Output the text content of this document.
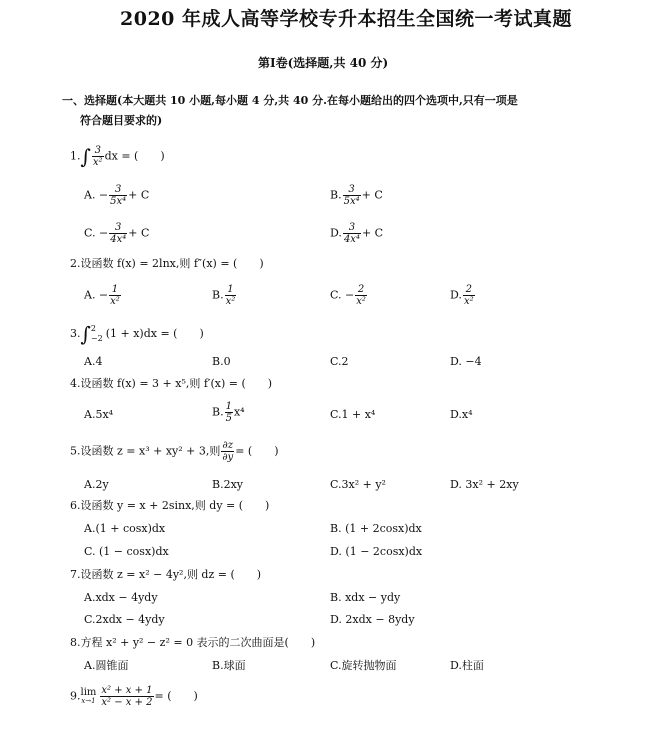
2020 年成人高等学校专升本招生全国统一考试真题
第Ⅰ卷(选择题,共 40 分)
一、选择题(本大题共 10 小题,每小题 4 分,共 40 分.在每小题给出的四个选项中,只有一项是
符合题目要求的)
$1.\int \frac{3}{\text{x²}}$ dx = (　　)
A. − $\frac{3}{\text{5x⁴}} + C$	B. $\frac{3}{\text{5x⁴}} + C$
C. − $\frac{3}{\text{4x⁴}} + C$	D. $\frac{3}{\text{4x⁴}} + C$
2.设函数 f(x) = 2lnx,则 f″(x) = (　　)
A. − $\frac{1}{\text{x²}}$	B. $\frac{1}{\text{x²}}$	C. − $\frac{2}{\text{x²}}$	D. $\frac{2}{\text{x²}}$
3.∫ 2
−2 (1 + x)dx = (　　)
A.4	B.0	C.2	D. −4
4.设函数 f(x) = 3 + x⁵,则 f′(x) = (　　)
A.5x⁴	B. $\frac{1}{5} x^4$	C.1 + x⁴	D.x⁴
5.设函数 z = x³ + xy² + 3,则 $\frac{\partial z}{\partial y}$ = (　　)
A.2y	B.2xy	C.3x² + y²	D. 3x² + 2xy
6.设函数 y = x + 2sinx,则 dy = (　　)
A.(1 + cosx)dx	B. (1 + 2cosx)dx
C. (1 − cosx)dx	D. (1 − 2cosx)dx
7.设函数 z = x² − 4y²,则 dz = (　　)
A.xdx − 4ydy	B. xdx − ydy
C.2xdx − 4ydy	D. 2xdx − 8ydy
8.方程 x² + y² − z² = 0 表示的二次曲面是(　　)
A.圆锥面	B.球面	C.旋转抛物面	D.柱面
9. lim
$x\to 1 \frac{\text{x² + x + 1}}{\text{x² − x + 2}}$ = (　　)
